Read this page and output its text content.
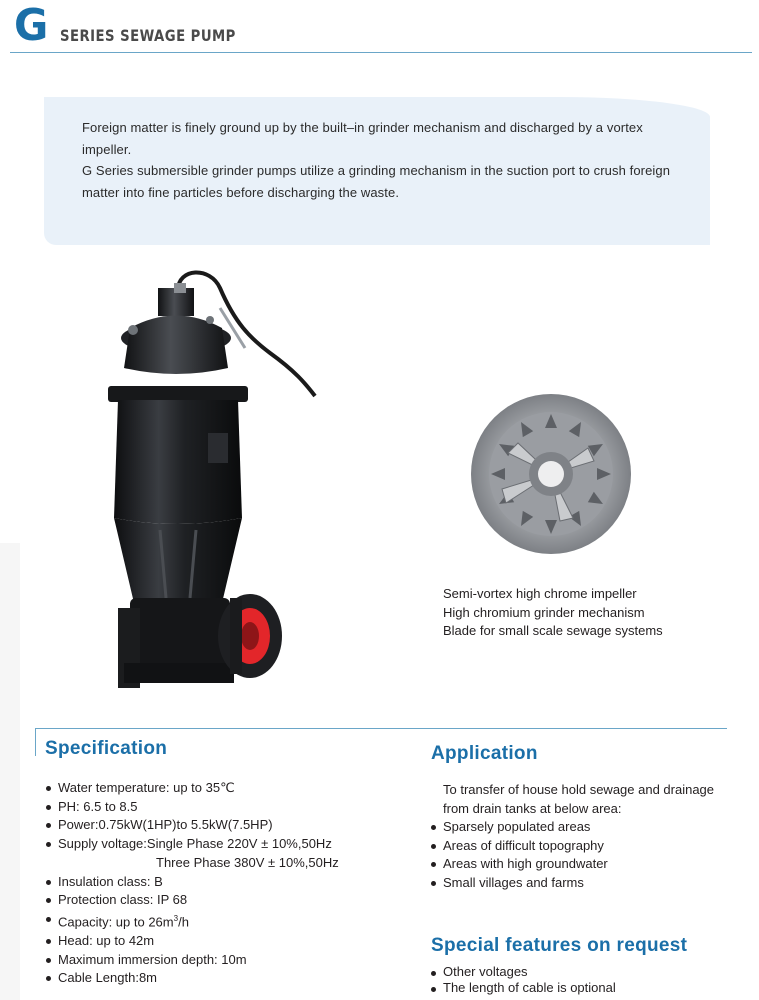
G SERIES SEWAGE PUMP

Foreign matter is finely ground up by the built–in grinder mechanism and discharged by a vortex impeller.

G Series submersible grinder pumps utilize a grinding mechanism in the suction port to crush foreign matter into fine particles before discharging the waste.

Semi-vortex high chrome impeller
High chromium grinder mechanism
Blade for small scale sewage systems
Specification
Water temperature: up to 35℃
PH: 6.5 to 8.5
Power:0.75kW(1HP)to 5.5kW(7.5HP)
Supply voltage:Single Phase 220V ± 10%,50Hz
Three Phase 380V ± 10%,50Hz
Insulation class: B
Protection class: IP 68
Capacity: up to $26m^3/h$
Head: up to 42m
Maximum immersion depth: 10m
Cable Length:8m
Application
To transfer of house hold sewage and drainage
from drain tanks at below area:
Sparsely populated areas
Areas of difficult topography
Areas with high groundwater
Small villages and farms
Special features on request
Other voltages
The length of cable is optional
